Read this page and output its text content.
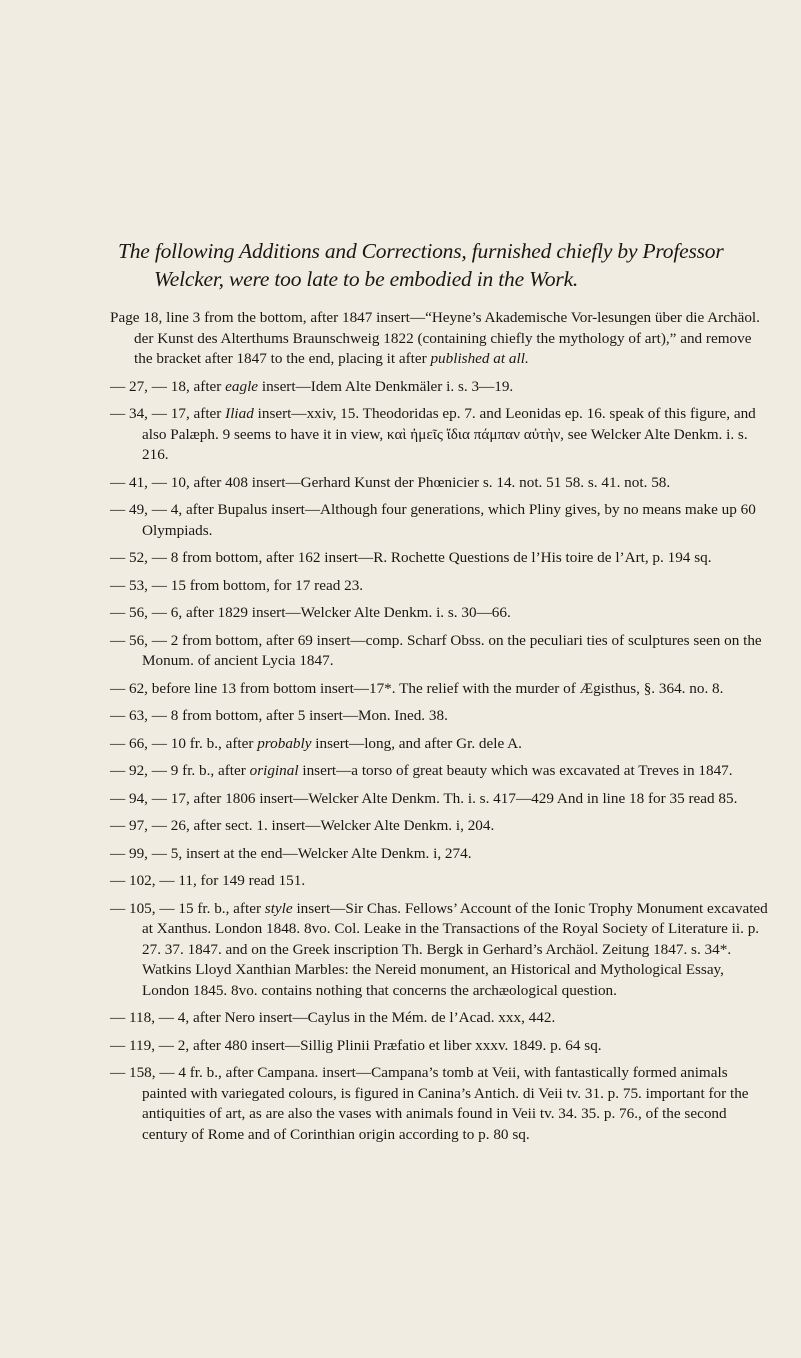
The following Additions and Corrections, furnished chiefly by Professor
Welcker, were too late to be embodied in the Work.

Page 18, line 3 from the bottom, after 1847 insert—“Heyne’s Akademische Vor-lesungen über die Archäol. der Kunst des Alterthums Braunschweig 1822 (containing chiefly the mythology of art),” and remove the bracket after 1847 to the end, placing it after published at all.

— 27, — 18, after eagle insert—Idem Alte Denkmäler i. s. 3—19.

— 34, — 17, after Iliad insert—xxiv, 15. Theodoridas ep. 7. and Leonidas ep. 16. speak of this figure, and also Palæph. 9 seems to have it in view, καὶ ἠμεῖς ἴδια πάμπαν αὐτὴν, see Welcker Alte Denkm. i. s. 216.

— 41, — 10, after 408 insert—Gerhard Kunst der Phœnicier s. 14. not. 51 58. s. 41. not. 58.

— 49, — 4, after Bupalus insert—Although four generations, which Pliny gives, by no means make up 60 Olympiads.

— 52, — 8 from bottom, after 162 insert—R. Rochette Questions de l’His toire de l’Art, p. 194 sq.

— 53, — 15 from bottom, for 17 read 23.

— 56, — 6, after 1829 insert—Welcker Alte Denkm. i. s. 30—66.

— 56, — 2 from bottom, after 69 insert—comp. Scharf Obss. on the peculiari ties of sculptures seen on the Monum. of ancient Lycia 1847.

— 62, before line 13 from bottom insert—17*. The relief with the murder of Ægisthus, §. 364. no. 8.

— 63, — 8 from bottom, after 5 insert—Mon. Ined. 38.

— 66, — 10 fr. b., after probably insert—long, and after Gr. dele A.

— 92, — 9 fr. b., after original insert—a torso of great beauty which was excavated at Treves in 1847.

— 94, — 17, after 1806 insert—Welcker Alte Denkm. Th. i. s. 417—429 And in line 18 for 35 read 85.

— 97, — 26, after sect. 1. insert—Welcker Alte Denkm. i, 204.

— 99, — 5, insert at the end—Welcker Alte Denkm. i, 274.

— 102, — 11, for 149 read 151.

— 105, — 15 fr. b., after style insert—Sir Chas. Fellows’ Account of the Ionic Trophy Monument excavated at Xanthus. London 1848. 8vo. Col. Leake in the Transactions of the Royal Society of Literature ii. p. 27. 37. 1847. and on the Greek inscription Th. Bergk in Gerhard’s Archäol. Zeitung 1847. s. 34*. Watkins Lloyd Xanthian Marbles: the Nereid monument, an Historical and Mythological Essay, London 1845. 8vo. contains nothing that concerns the archæological question.

— 118, — 4, after Nero insert—Caylus in the Mém. de l’Acad. xxx, 442.

— 119, — 2, after 480 insert—Sillig Plinii Præfatio et liber xxxv. 1849. p. 64 sq.

— 158, — 4 fr. b., after Campana. insert—Campana’s tomb at Veii, with fantastically formed animals painted with variegated colours, is figured in Canina’s Antich. di Veii tv. 31. p. 75. important for the antiquities of art, as are also the vases with animals found in Veii tv. 34. 35. p. 76., of the second century of Rome and of Corinthian origin according to p. 80 sq.
